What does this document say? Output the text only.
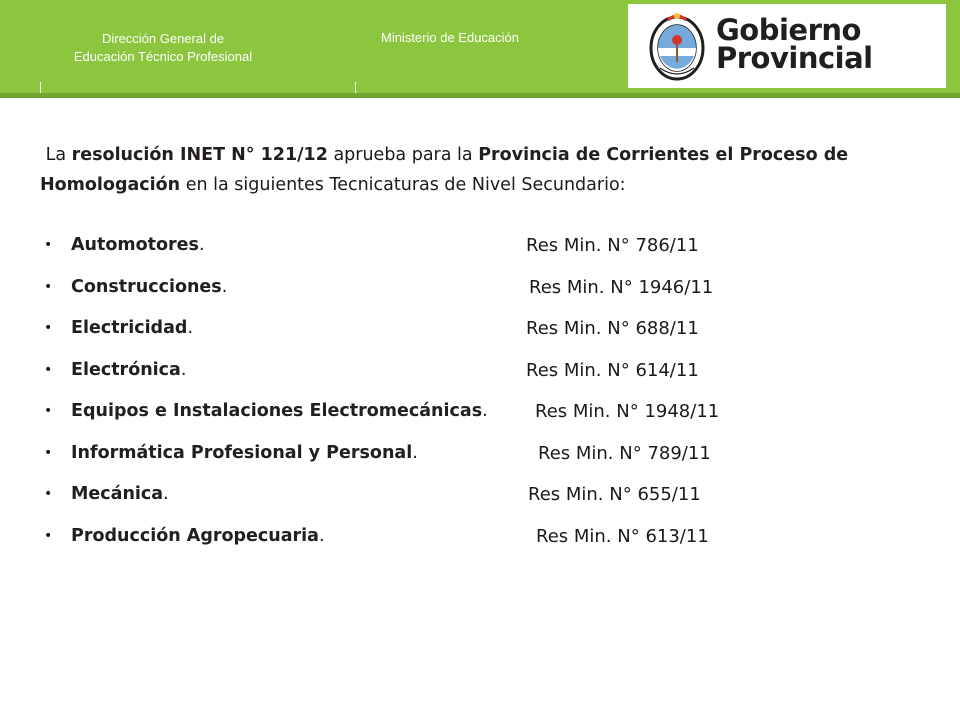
Dirección General de
Educación Técnico Profesional
Ministerio de Educación	Gobierno
Provincial
La resolución INET N° 121/12 aprueba para la Provincia de Corrientes el Proceso de Homologación en la siguientes Tecnicaturas de Nivel Secundario:
• Automotores.	Res Min. N° 786/11
• Construcciones.	Res Min. N° 1946/11
• Electricidad.	Res Min. N° 688/11
• Electrónica.	Res Min. N° 614/11
• Equipos e Instalaciones Electromecánicas.	Res Min. N° 1948/11
• Informática Profesional y Personal.	Res Min. N° 789/11
• Mecánica.	Res Min. N° 655/11
• Producción Agropecuaria.	Res Min. N° 613/11
